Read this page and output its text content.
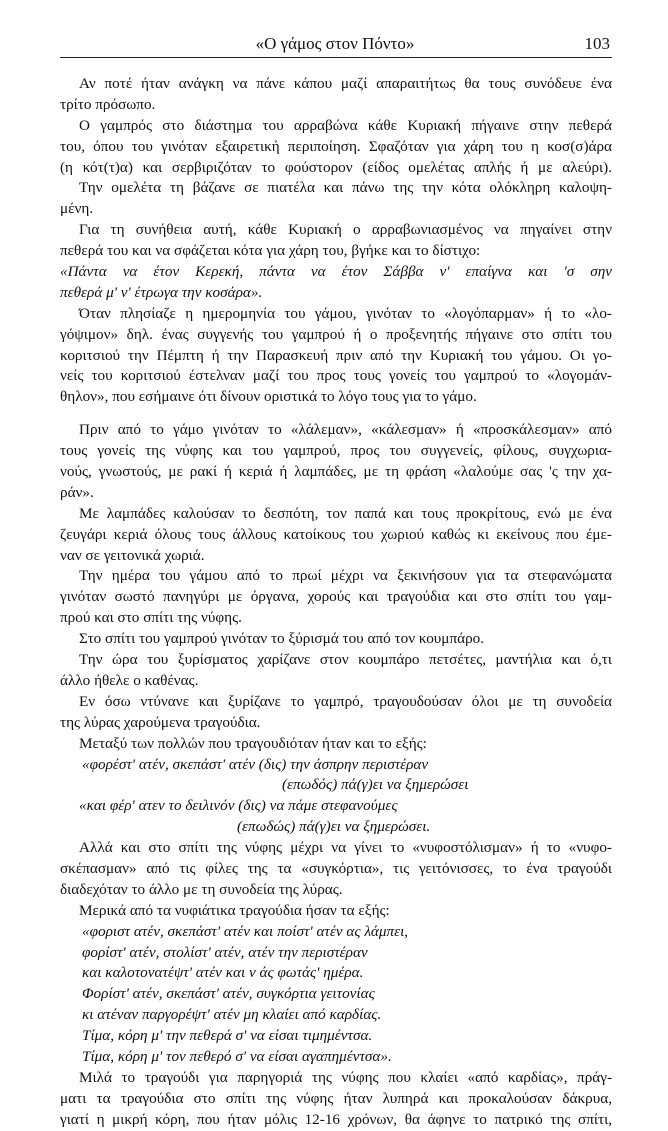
«Ο γάμος στον Πόντο»	103
Αν ποτέ ήταν ανάγκη να πάνε κάπου μαζί απαραιτήτως θα τους συνόδευε ένα
τρίτο πρόσωπο.
Ο γαμπρός στο διάστημα του αρραβώνα κάθε Κυριακή πήγαινε στην πεθερά
του, όπου του γινόταν εξαιρετική περιποίηση. Σφαζόταν για χάρη του η κοσ(σ)άρα
(η κότ(τ)α) και σερβιριζόταν το φούστορον (είδος ομελέτας απλής ή με αλεύρι).
Την ομελέτα τη βάζανε σε πιατέλα και πάνω της την κότα ολόκληρη καλοψη-
μένη.
Για τη συνήθεια αυτή, κάθε Κυριακή ο αρραβωνιασμένος να πηγαίνει στην
πεθερά του και να σφάζεται κότα για χάρη του, βγήκε και το δίστιχο:
«Πάντα να έτον Κερεκή, πάντα να έτον Σάββα ν' επαίγνα και 'σ σην
πεθερά μ' ν' έτρωγα την κοσάρα».
Όταν πλησίαζε η ημερομηνία του γάμου, γινόταν το «λογόπαρμαν» ή το «λο-
γόψιμον» δηλ. ένας συγγενής του γαμπρού ή ο προξενητής πήγαινε στο σπίτι του
κοριτσιού την Πέμπτη ή την Παρασκευή πριν από την Κυριακή του γάμου. Οι γο-
νείς του κοριτσιού έστελναν μαζί του προς τους γονείς του γαμπρού το «λογομάν-
θηλον», που εσήμαινε ότι δίνουν οριστικά το λόγο τους για το γάμο.
Πριν από το γάμο γινόταν το «λάλεμαν», «κάλεσμαν» ή «προσκάλεσμαν» από
τους γονείς της νύφης και του γαμπρού, προς του συγγενείς, φίλους, συγχωρια-
νούς, γνωστούς, με ρακί ή κεριά ή λαμπάδες, με τη φράση «λαλούμε σας 'ς την χα-
ράν».
Με λαμπάδες καλούσαν το δεσπότη, τον παπά και τους προκρίτους, ενώ με ένα
ζευγάρι κεριά όλους τους άλλους κατοίκους του χωριού καθώς κι εκείνους που έμε-
ναν σε γειτονικά χωριά.
Την ημέρα του γάμου από το πρωί μέχρι να ξεκινήσουν για τα στεφανώματα
γινόταν σωστό πανηγύρι με όργανα, χορούς και τραγούδια και στο σπίτι του γαμ-
πρού και στο σπίτι της νύφης.
Στο σπίτι του γαμπρού γινόταν το ξύρισμά του από τον κουμπάρο.
Την ώρα του ξυρίσματος χαρίζανε στον κουμπάρο πετσέτες, μαντήλια και ό,τι
άλλο ήθελε ο καθένας.
Εν όσω ντύνανε και ξυρίζανε το γαμπρό, τραγουδούσαν όλοι με τη συνοδεία
της λύρας χαρούμενα τραγούδια.
Μεταξύ των πολλών που τραγουδιόταν ήταν και το εξής:
«φορέστ' ατέν, σκεπάστ' ατέν (δις) την άσπρην περιστέραν
(επωδός) πά(γ)ει να ξημερώσει
«και φέρ' ατεν το δειλινόν (δις) να πάμε στεφανούμες
(επωδώς) πά(γ)ει να ξημερώσει.
Αλλά και στο σπίτι της νύφης μέχρι να γίνει το «νυφοστόλισμαν» ή το «νυφο-
σκέπασμαν» από τις φίλες της τα «συγκόρτια», τις γειτόνισσες, το ένα τραγούδι
διαδεχόταν το άλλο με τη συνοδεία της λύρας.
Μερικά από τα νυφιάτικα τραγούδια ήσαν τα εξής:
«φοριστ ατέν, σκεπάστ' ατέν και ποίστ' ατέν ας λάμπει,
φορίστ' ατέν, στολίστ' ατέν, ατέν την περιστέραν
και καλοτονατέψτ' ατέν και ν άς φωτάς' ημέρα.
Φορίστ' ατέν, σκεπάστ' ατέν, συγκόρτια γειτονίας
κι ατέναν παργορέψτ' ατέν μη κλαίει από καρδίας.
Τίμα, κόρη μ' την πεθερά σ' να είσαι τιμημέντσα.
Τίμα, κόρη μ' τον πεθερό σ' να είσαι αγαπημέντσα».
Μιλά το τραγούδι για παρηγοριά της νύφης που κλαίει «από καρδίας», πράγ-
ματι τα τραγούδια στο σπίτι της νύφης ήταν λυπηρά και προκαλούσαν δάκρυα,
γιατί η μικρή κόρη, που ήταν μόλις 12-16 χρόνων, θα άφηνε το πατρικό της σπίτι,
